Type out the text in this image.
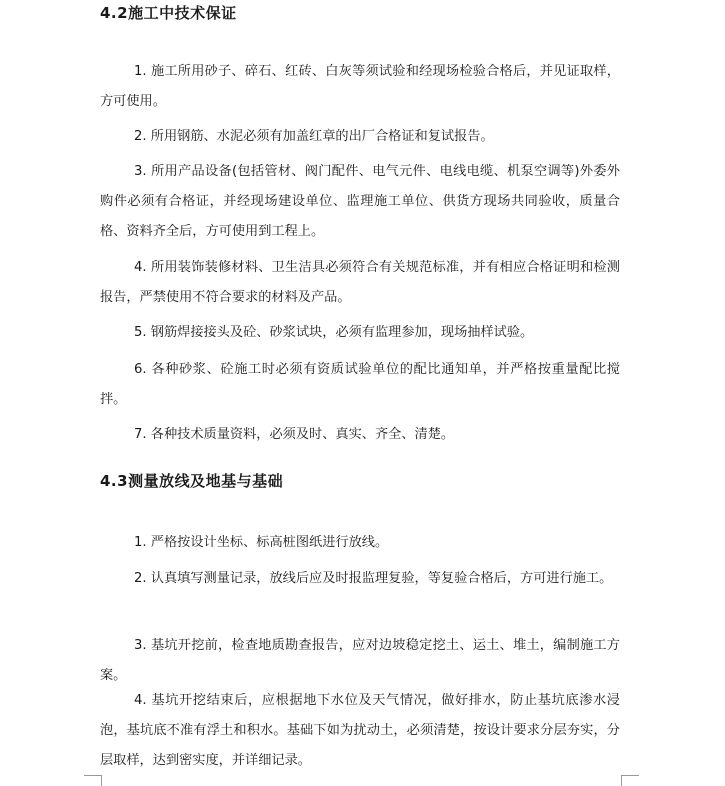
4.2施工中技术保证
1. 施工所用砂子、碎石、红砖、白灰等须试验和经现场检验合格后，并见证取样，方可使用。
2. 所用钢筋、水泥必须有加盖红章的出厂合格证和复试报告。
3. 所用产品设备(包括管材、阀门配件、电气元件、电线电缆、机泵空调等)外委外购件必须有合格证，并经现场建设单位、监理施工单位、供货方现场共同验收，质量合格、资料齐全后，方可使用到工程上。
4. 所用装饰装修材料、卫生洁具必须符合有关规范标准，并有相应合格证明和检测报告，严禁使用不符合要求的材料及产品。
5. 钢筋焊接接头及砼、砂浆试块，必须有监理参加，现场抽样试验。
6. 各种砂浆、砼施工时必须有资质试验单位的配比通知单，并严格按重量配比搅拌。
7. 各种技术质量资料，必须及时、真实、齐全、清楚。
4.3测量放线及地基与基础
1. 严格按设计坐标、标高桩图纸进行放线。
2. 认真填写测量记录，放线后应及时报监理复验，等复验合格后，方可进行施工。
3. 基坑开挖前，检查地质勘查报告，应对边坡稳定挖土、运土、堆土，编制施工方案。
4. 基坑开挖结束后，应根据地下水位及天气情况，做好排水，防止基坑底渗水浸泡，基坑底不准有浮土和积水。基础下如为扰动土，必须清楚，按设计要求分层夯实，分层取样，达到密实度，并详细记录。
